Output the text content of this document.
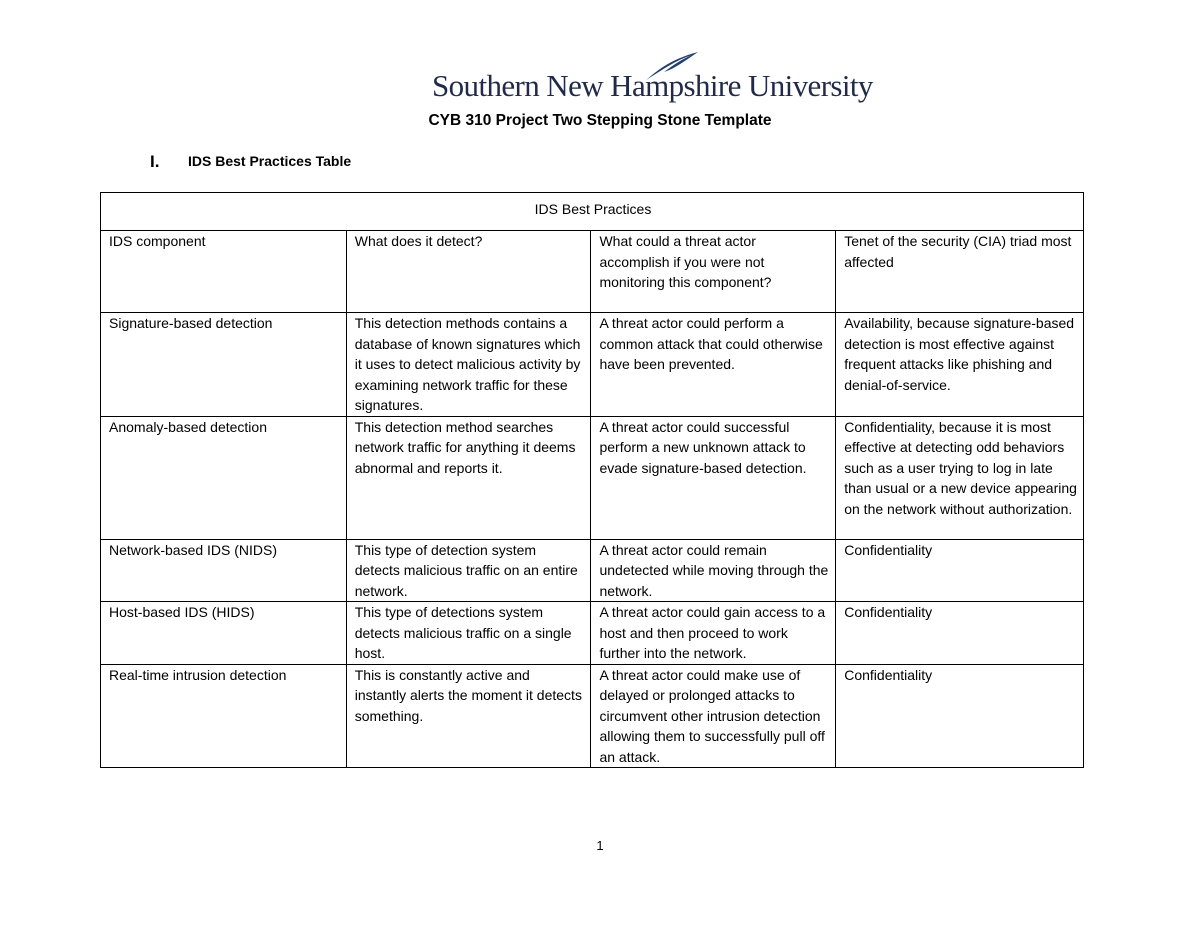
Southern New Hampshire University
CYB 310 Project Two Stepping Stone Template
I. IDS Best Practices Table
IDS Best Practices			
IDS component	What does it detect?	What could a threat actor accomplish if you were not monitoring this component?	Tenet of the security (CIA) triad most affected
Signature-based detection	This detection methods contains a database of known signatures which it uses to detect malicious activity by examining network traffic for these signatures.	A threat actor could perform a common attack that could otherwise have been prevented.	Availability, because signature-based detection is most effective against frequent attacks like phishing and denial-of-service.
Anomaly-based detection	This detection method searches network traffic for anything it deems abnormal and reports it.	A threat actor could successful perform a new unknown attack to evade signature-based detection.	Confidentiality, because it is most effective at detecting odd behaviors such as a user trying to log in late than usual or a new device appearing on the network without authorization.
Network-based IDS (NIDS)	This type of detection system detects malicious traffic on an entire network.	A threat actor could remain undetected while moving through the network.	Confidentiality
Host-based IDS (HIDS)	This type of detections system detects malicious traffic on a single host.	A threat actor could gain access to a host and then proceed to work further into the network.	Confidentiality
Real-time intrusion detection	This is constantly active and instantly alerts the moment it detects something.	A threat actor could make use of delayed or prolonged attacks to circumvent other intrusion detection allowing them to successfully pull off an attack.	Confidentiality
1
